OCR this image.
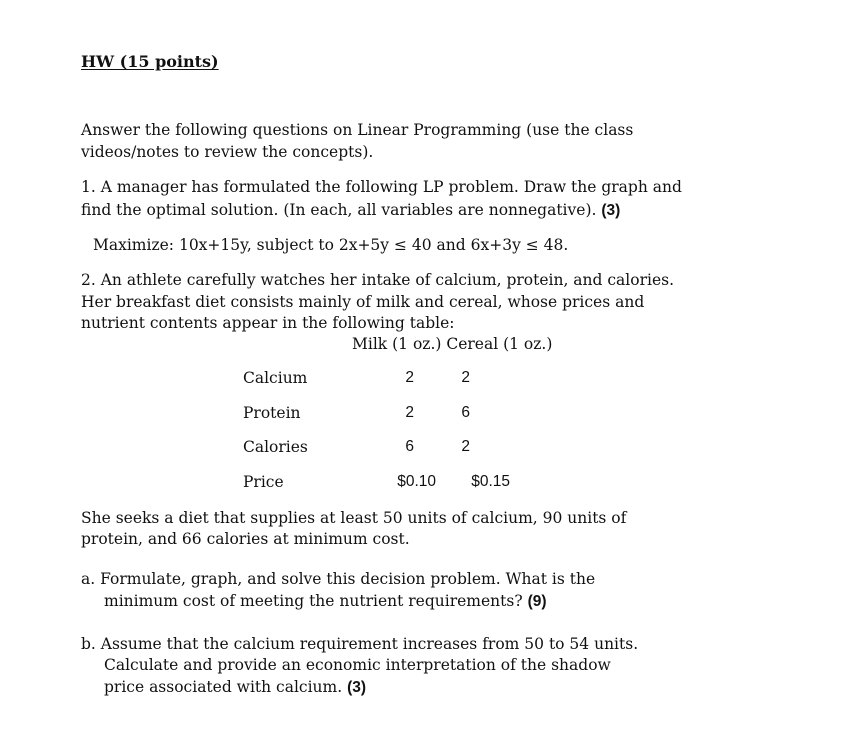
HW (15 points)
Answer the following questions on Linear Programming (use the class
videos/notes to review the concepts).
1. A manager has formulated the following LP problem. Draw the graph and
find the optimal solution. (In each, all variables are nonnegative). (3)
Maximize: 10x+15y, subject to 2x+5y ≤ 40 and 6x+3y ≤ 48.
2. An athlete carefully watches her intake of calcium, protein, and calories.
Her breakfast diet consists mainly of milk and cereal, whose prices and
nutrient contents appear in the following table:
Milk (1 oz.) Cereal (1 oz.)
Calcium	2	2
Protein	2	6
Calories	6	2
Price	$0.10 $0.15
She seeks a diet that supplies at least 50 units of calcium, 90 units of
protein, and 66 calories at minimum cost.
a. Formulate, graph, and solve this decision problem. What is the
minimum cost of meeting the nutrient requirements? (9)
b. Assume that the calcium requirement increases from 50 to 54 units.
Calculate and provide an economic interpretation of the shadow
price associated with calcium. (3)
